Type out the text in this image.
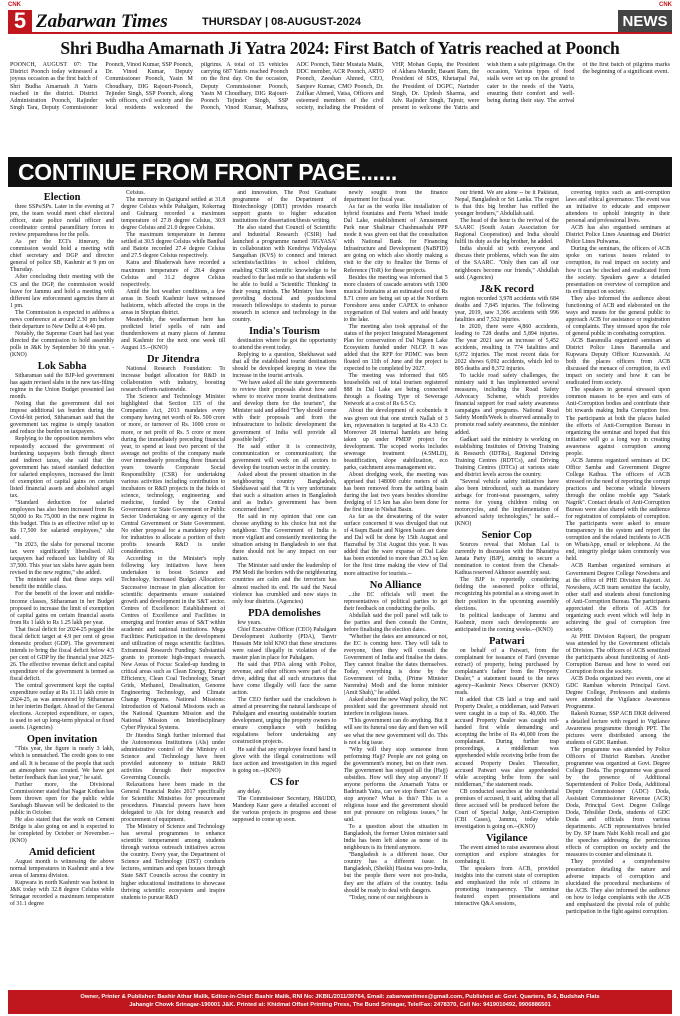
CNK
5 Zabarwan Times	THURSDAY | 08-AUGUST-2024	NEWS
CNK
Shri Budha Amarnath Ji Yatra 2024: First Batch of Yatris reached at Poonch
POONCH, AUGUST 07: The District Poonch today witnessed a joyous occasion as the first batch of Shri Budha Amarnath Ji Yatris reached in the district. District Administration Poonch, Rajinder Singh Tara, Deputy Commissioner Poonch, Vinod Kumar, SSP Poonch, Dr. Vinod Kumar, Deputy Commissioner Poonch, Yasin M Choudhary, DIG Rajouri-Poonch, Tejinder Singh, SSP Poonch, along with officers, civil society and the local residents welcomed the pilgrims. A total of 15 vehicles carrying 687 Yatris reached Poonch on the first day. On the occasion, Deputy Commissioner Poonch, Yasin M Choudhary, DIG Rajouri-Poonch Tejinder Singh, SSP Poonch, Vinod Kumar, Mathura, ADC Poonch, Tahir Mustafa Malik, DDC member, ACR Poonch, ARTO Poonch, Zeeshan Ahmed, CEO, Sanjeev Kumar, CMO Poonch, Dr. Zulfkar Ahmed, Vatsa, Officers and esteemed members of the civil society, including the President of VHP, Mohan Gupta, the President of Akhara Mandir, Basant Ram, the President of SDS, Khetarpal Pal, the President of DGPC, Narinder Singh, Dr. Updesh Sharma, and Adv. Rajinder Singh, Tajmir, were present to welcome the Yatris and wish them a safe pilgrimage. On the occasion, Various types of food stalls were set up on the ground to cater to the needs of the Yatris, ensuring their comfort and well-being during their stay. The arrival of the first batch of pilgrims marks the beginning of a significant event.
CONTINUE FROM FRONT PAGE......
Election

three SSPs/SPs. Later in the evening at 7 pm, the team would meet chief electoral officer, state police nodal officer and coordinator central paramilitary forces to review preparedness for the polls.

As per the ECI's itinerary, the commission would hold a meeting with chief secretary and DGP and director general of police SB, Kashmir at 9 pm on Thursday.

After concluding their meeting with the CS and the DGP, the commission would leave for Jammu and hold a meeting with different law enforcement agencies there at 1 pm.

The Commission is expected to address a news conference at around 2.30 pm before their departure to New Delhi at 4:40 pm.

Notably, the Supreme Court had last year directed the commission to hold assembly polls in J&K by September 30 this year. - (KNO)

Lok Sabha

Sitharaman said the BJP-led government has again revised slabs in the new tax-filing regime in the Union Budget presented last month.

Noting that the government did not impose additional tax burden during the Covid-hit period, Sitharaman said that the government tax regime is simply taxation and reduce the burden on taxpayers.

Replying to the opposition members who repeatedly accused the government of burdening taxpayers both through direct and indirect taxes, she said that the government has raised standard deduction for salaried employees, increased the limit of exemption of capital gains on certain listed financial assets and abolished angel tax.

"Standard deduction for salaried employees has also been increased from Rs 50,000 to Rs 75,000 in the new regime in this budget. This is an effective relief up to Rs 17,500 for salaried employees," she said.

"In 2023, the slabs for personal income tax were significantly liberalised. All taxpayers had reduced tax liability of Rs 37,500. This year tax slabs have again been revised in the new regime," she added.

The minister said that these steps will benefit the middle class.

For the benefit of the lower and middle-income classes, Sitharaman in her Budget proposed to increase the limit of exemption of capital gains on certain financial assets from Rs 1 lakh to Rs 1.25 lakh per year.

That fiscal deficit for 2024-25 pegged the fiscal deficit target at 4.9 per cent of gross domestic product (GDP). The government intends to bring the fiscal deficit below 4.5 per cent of GDP by the financial year 2025-26. The effective revenue deficit and capital expenditure of the government is termed as fiscal deficit.

The central government kept the capital expenditure outlay at Rs 11.11 lakh crore in 2024-25, as was announced by Sitharaman in her interim Budget. Ahead of the General elections. Accepted expenditure, or capex, is used to set up long-term physical or fixed assets. (Agencies)

Open invitation

"This year, the figure is nearly 3 lakh, which is unmatched. The credit goes to one and all. It is because of the people that such an atmosphere was created. We have got better feedback than last year," he said.

Further more, the Divisional Commissioner stated that Nagar Kothan has been thrown open for the public while Sarabagh Bhawan will be dedicated to the public in October.

He also stated that the work on Cement Bridge is also going on and is expected to be completed by October or November.--(KNO)

Amid deficient

August month is witnessing the above normal temperatures in Kashmir and a few areas of Jammu division.

Kupwara in north Kashmir was hottest in J&K today with 32.8 degree Celsius while Srinagar recorded a maximum temperature of 31.1 degree

Celsius.

The mercury in Qazigund settled at 31.8 degree Celsius while Pahalgam, Kokernag and Gulmarg recorded a maximum temperature of 27.8 degree Celsius, 30.9 degree Celsius and 21.0 degree Celsius.

The maximum temperature in Jammu settled at 30.5 degree Celsius while Banihal and Batote recorded 27.4 degree Celsius and 27.5 degree Celsius respectively.

Katra and Bhaderwah have recorded a maximum temperature of 28.4 degree Celsius and 31.2 degree Celsius respectively.

Amid the hot weather conditions, a few areas in South Kashmir have witnessed hailstorm, which affected the crops in the areas in Shopian district.

Meanwhile, the weatherman here has predicted brief spells of rain and thundershowers at many places of Jammu and Kashmir for the next one week till August 15.--(KNO)

Dr Jitendra

National Research Foundation: To increase budget allocation for R&D in collaboration with industry, boosting research efforts nationwide.

The Science and Technology Minister highlighted that Section 135 of the Companies Act, 2013 mandates every company having net worth of Rs. 500 crore or more, or turnover of Rs. 1000 crore or more, or net profit of Rs. 5 crore or more during the immediately preceding financial year, to spend at least two percent of the average net profits of the company made over immediately preceding three financial years towards Corporate Social Responsibility (CSR) for undertaking various activities including contribution to incubators or R&D projects in the fields of science, technology, engineering and medicine, funded by the Central Government or State Government or Public Sector Undertaking or any agency of the Central Government or State Government. No other proposal for a mandatory policy for industries to allocate a portion of their profits towards R&D is under consideration.

According to the Minister's reply following key initiatives have been undertaken to boost Science and Technology. Increased Budget Allocation: Successive increase in plan allocation for scientific departments ensure sustained growth and development in the S&T sector. Centres of Excellence: Establishment of Centres of Excellence and Facilities in emerging and frontier areas of S&T within academic and national institutions. Mega Facilities: Participation in the development and utilization of mega scientific facilities. Extramural Research Funding: Substantial grants to promote high-impact research. New Areas of Focus: Scaled-up funding in critical areas such as Clean Energy, Energy Efficiency, Clean Coal Technology, Smart Grids, Methanol, Desalination, Genome Engineering Technology, and Climate Change Programs. National Missions: Introduction of National Missions such as the National Quantum Mission and the National Mission on Interdisciplinary Cyber Physical Systems.

Dr Jitendra Singh further informed that the Autonomous Institutions (AIs) under administrative control of the Ministry of Science and Technology have been provided autonomy to initiate R&D activities through their respective Governing Councils.

Relaxations have been made in the General Financial Rules 2017 specifically for Scientific Ministries for procurement procedures. Financial powers have been delegated to AIs for doing research and procurement of equipment.

The Ministry of Science and Technology has several programmes to enhance scientific temperament among students through various outreach initiatives across the country. Every year, the Department of Science and Technology (DST) conducts lectures, seminars and open houses through State S&T Councils across the country in higher educational institutions to showcase thriving scientific ecosystem and inspire students to pursue R&D

and innovation. The Post Graduate programme of the Department of Biotechnology (DBT) provides research support grants to higher education institutions for dissertation/thesis writing.

He also stated that Council of Scientific and Industrial Research (CSIR) had launched a programme named 'JIGYASA' in collaboration with Kendriya Vidyalaya Sangathan (KVS) to connect and interact scientists/facilities to school children, enabling CSIR scientific knowledge to be reached to the last mile so that students will be able to build a 'Scientific Thinking' in their young minds. The Ministry has been providing doctoral and postdoctoral research fellowships to students to pursue research in science and technology in the country.

India's Tourism

destination where he got the opportunity to attend the event today.

Replying to a question, Shekhawat said that all the established tourist destinations should be developed keeping in view the increase in the tourist arrivals.

"We have asked all the state governments to review their proposals about how and where to receive more tourist destinations and develop them for the tourism", the Minister said and added "They should come with their proposals and from the infrastructure to holistic development the government of India will provide all possible help".

He said either it is connectivity, communication or communication; the government will work on all sectors to develop the tourism sector in the country.

Asked about the present situation in the neighbouring country Bangladesh, Shekhawat said that "It is very unfortunate that such a situation arises in Bangladesh and as India's government has been concerned there".

He said in my opinion that one can choose anything to his choice but not the neighbour. The Government of India is more vigilant and constantly monitoring the situation arising in Bangladesh to see that there should not be any impact on our nation.

The Minister said under the leadership of PM Modi the borders with the neighbouring countries are calm and the terrorism has almost reached its end. He said the Naxal violence has crumbled and now stays in only four districts. (Agencies)

PDA demolishes

few years.

Chief Executive Officer (CEO) Pahalgam Development Authority (PDA), Tanvir Hussain Mir told KNO that these structures were raised illegally in violation of the master plan in place for Pahalgam.

He said that PDA along with Police, revenue, and other officers were part of the drive, adding that all such structures that have come illegally will face the same action.

The CEO further said the crackdown is aimed at preserving the natural landscape of Pahalgam and ensuring sustainable tourism development, urging the property owners to ensure compliance with building regulations before undertaking any construction projects.

He said that any employee found hand in glove with the illegal constructions will face action and investigation in this regard is going on.--(KNO)

CS for

any delay.

The Commissioner Secretary, H&UDD, Mandeep Kaur gave a detailed account of the various projects in progress and those supposed to come up soon.

newly sought from the finance department for fiscal year.

As far as the works like installation of hybrid fountains and Ferris Wheel inside Dal Lake, establishment of Amusement Park near Shalimar Chashmashahi PPP mode it was given out that the consultation with National Bank for Financing Infrastructure and Development (NaBFID) are going on which also shortly making a visit to the city to finalize the Terms of Reference (ToR) for these projects.

Besides the meeting was informed that 5 more clusters of cascade aerators with 1300 musical fountains at an estimated cost of Rs 8.71 crore are being set up at the Northern Foreshore area under CAPEX to enhance oxygenation of Dal waters and add beauty to the lake.

The meeting also took appraisal of the status of the project Integrated Management Plan for conservation of Dal Nigeen Lake Ecosystem funded under NLCP. It was added that the RFP for PDMC was been floated on 11th of June and the project is expected to be completed by 2027.

The meeting was informed that 605 households out of total tourism registered 888 in Dal Lake are being connected through a floating Type of Sewerage Network at a cost of Rs 6.5 Cr.

About the development of ecobuntels it was given out that one stretch Nallah of 3 km, rejuvenation is targeted at Rs 4.33 Cr. Moreover 28 internal hamlets are being taken up under PMDP project for development. The scoped works includes sewerage treatment (4.5MLD), beautification, slope stabilization, eco parks, catchment area management etc.

About dredging work, the meeting was apprised that 148000 cubic meters of silt has been removed from the settling basin during the last two years besides shoreline dredging of 1.5 km has also been done for the first time in Nishat Basin.

As far as the dewatering of the water surface concerned it was divulged that out of 4.6sqm Basin and Nigeen basin are done and Dal will be done by 15th August and Hazratbal by 31st August this year. It was added that the ware expanse of Dal Lake has been extended to more than 20.3 sq km for the first time making the view of Dal more attractive for tourists.--

No Alliance

...the EC officials will meet the representatives of political parties to get their feedback on conducting the polls.

Abdullah said the poll panel will talk to the parties and then consult the Centre, before finalising the election dates.

"Whether the dates are announced or not, the EC is coming here. They will talk to everyone, then they will consult the Government of India and finalise the dates. They cannot finalise the dates themselves. Today, everything is done by the Government of India, (Prime Minister Narendra) Modi and the home minister (Amit Shah)," he added.

Asked about the new Waqf policy, the NC president said the government should not interfere in religious issues.

"This government can do anything. But it will see its funeral one day and then we will see what the new government will do. This is not a big issue.

"Why will they stop someone from performing Hajj? People are not going on the government's money, but on their own. The government has stopped all the (Hajj) subsidies. How will they stop anyone? If anyone performs the Amarnath Yatra or Badrinath Yatra, can we stop them? Can we stop anyone? What is this? This is a religious issue and the government should not put pressure on religious issues," he said.

To a question about the situation in Bangladesh, the former Union minister said India has been left alone as none of its neighbours is its friend anymore.

"Bangladesh is a different issue. Our country has a different issue. In Bangladesh, (Sheikh) Hasina was pro-India, but the people there were not pro-India, they are the affairs of the country. India should be ready to deal with dangers.

"Today, none of our neighbours is

our friend. We are alone -- be it Pakistan, Nepal, Bangladesh or Sri Lanka. The regret is that this big brother has ruffled the younger brothers," Abdullah said.

The head of the hour is the revival of the SAARC (South Asian Association for Regional Cooperation) and India should fulfil its duty as the big brother, he added.

India should sit with everyone and discuss their problems, which was the aim of the SAARC. "Only then can all our neighbours become our friends," Abdullah said. (Agencies)

J&K record

region recorded 3,978 accidents with 684 deaths and 7,845 injuries. The following year, 2019, saw 3,396 accidents with 996 fatalities and 7,532 injuries.

In 2020, there were 4,860 accidents, leading to 728 deaths and 5,894 injuries. The year 2021 saw an increase of 5,452 accidents, resulting in 774 fatalities and 6,972 injuries. The most recent data for 2022 shows 6,092 accidents, which led to 805 deaths and 8,372 injuries.

To tackle road safety challenges, the ministry said it has implemented several measures, including the Road Safety Advocacy Scheme, which provides financial support for road safety awareness campaigns and programs. National Road Safety Month/Week is observed annually to promote road safety awareness, the minister added.

Gadkari said the ministry is working on establishing Institutes of Driving Training & Research (IDTRs), Regional Driving Training Centres (RDTCs), and Driving Training Centres (DTCs) at various state and district levels across the country.

"Several vehicle safety initiatives have also been introduced, such as mandatory airbags for front-seat passengers, safety norms for young children riding on motorcycles, and the implementation of advanced safety technologies," he said.--(KNO)

Senior Cop

Sources reveal that Mohan Lal is currently in discussion with the Bharatiya Janata Party (BJP), aiming to secure a nomination to contest from the Chenab-Kathua reserved Akhnoor assembly seat.

The BJP is reportedly considering fielding the seasoned police official, recognizing his potential as a strong asset in their position in the upcoming assembly elections.

In political landscape of Jammu and Kashmir, more such developments are anticipated in the coming weeks.--(KNO)

Patwari

on behalf of a Patwari, from the complainant for issuance of Fard (revenue extract) of property, being purchased by complainant's father from the Property Dealer," a statement issued to the news agency--Kashmir News Observer (KNO) reads.

It added that CB laid a trap and said Property Dealer, a middleman, said Patwari were caught in a trap of Rs. 40,000. The accused Property Dealer was caught red-handed first while demanding and accepting the bribe of Rs 40,000 from the complainant. During further trap proceedings, a middleman was apprehended while receiving bribe from the accused Property Dealer. Thereafter, accused Patwari was also apprehended while accepting bribe from the said middleman," the statement reads.

CB conducted searches at the residential premises of accused, it said, adding that all three accused will be produced before the Court of Special Judge, Anti-Corruption (CBI Cases), Jammu, today while investigation is going on.--(KNO)

Vigilance

The event aimed to raise awareness about corruption and explore strategies for combating it.

The speakers from ACB, provided insights into the current state of corruption and emphasized the role of citizens in promoting transparency. The seminar featured expert presentations and interactive Q&A sessions,

covering topics such as anti-corruption laws and ethical governance. The event was an initiative to educate and empower attendees to uphold integrity in their personal and professional lives.

ACB has also organised seminars at District Police Lines Anantnag and District Police Lines Pulwama.

During the seminars, the officers of ACB spoke on various issues related to corruption, its real impact on society and how it can be checked and eradicated from the society. Speakers gave a detailed presentation on overview of corruption and its evil impact on society.

They also informed the audience about functioning of ACB and elaborated on the ways and means for the general public to approach ACB for assistance or registration of complaints. They stressed upon the role of general public in combating corruption.

ACB Baramulla organized seminars at District Police Lines Baramulla and Kupwara Deputy Officer Kuzwanish. At both the places officers from ACB discussed the menace of corruption, its evil impact on society and how it can be eradicated from society.

The speakers in general stressed upon common masses to be eyes and ears of Anti-Corruption bodies and contribute their bit towards making India Corruption free. The participants at both the places hailed the efforts of Anti-Corruption Bureau in organizing the seminar and hoped that this initiative will go a long way in creating awareness against corruption among people.

ACB Jammu organized seminars at DC Office Samba and Government Degree College Kathua. The officers of ACB stressed on the need of reporting the corrupt practices and become whistle blowers through the online mobile app "Satark Nagrik". Contact details of Anti-Corruption Bureau were also shared with the audience for registration of complaints of corruption. The participants were asked to ensure transparency in the system and report the corruption and the related incidents to ACB on WhatsApp, email or telephone. At the end, integrity pledge taken commonly was held.

ACB Ramban organized seminars at Government Degree College Nowshera and at the office of PHE Division Rajouri. At Nowshera, ACB team sensitize the faculty, other staff and students about functioning of Anti-Corruption Bureau. The participants appreciated the efforts of ACB for organizing such event which will help in achieving the goal of corruption free society.

At PHE Division Rajouri, the program was attended by the Government officials of Division. The officers of ACB sensitized the participants about functioning of Anti-Corruption Bureau and how to weed out Corruption from the society.

ACB Doda organized two events, one at GDC Ramban wherein Principal Govt. Degree College, Professors and students were attended the Vigilance Awareness Programme.

Rakesh Kumar, SSP ACB DKR delivered a detailed lecture with regard to Vigilance Awareness programme through PPT. The pictures were distributed among the students of GDC Ramban.

The programme was attended by Police Officers of District Ramban. Another programme was organized at Govt. Degree College Doda. The programme was graced by the presence of Additional Superintendent of Police Doda, Additional Deputy Commissioner (ADC) Doda, Assistant Commissioner Revenue (ACR) Doda, Principal Govt. Degree College Doda, Tehsildar Doda, students of GDC Doda and officials from various departments. ACB representatives briefed by Dy. SP Inam Nabi Kohli recall and gist the speeches addressing the pernicious effects of corruption on society and the measures to counter and eliminate it.

They provided a comprehensive presentation detailing the nature and adverse impacts of corruption and elucidated the procedural mechanisms of the ACB. They also informed the audience on how to lodge complaints with the ACB and emphasized the pivotal role of public participation in the fight against corruption.

Owner, Printer & Publisher: Bashir Athar Malik, Editor-in-Chief: Bashir Malik, RNI No: JKBIL/2011/39764, Email: zabarwantimes@gmail.com, Published at: Govt. Quarters, B-6, Budshah Flats
Jahangir Chowk Srinagar-190001 J&K. Printed at: Khidmat Offset Printing Press, The Bund Srinagar, Tele/Fax: 2478370, Cell No: 9419010492, 9906886501
